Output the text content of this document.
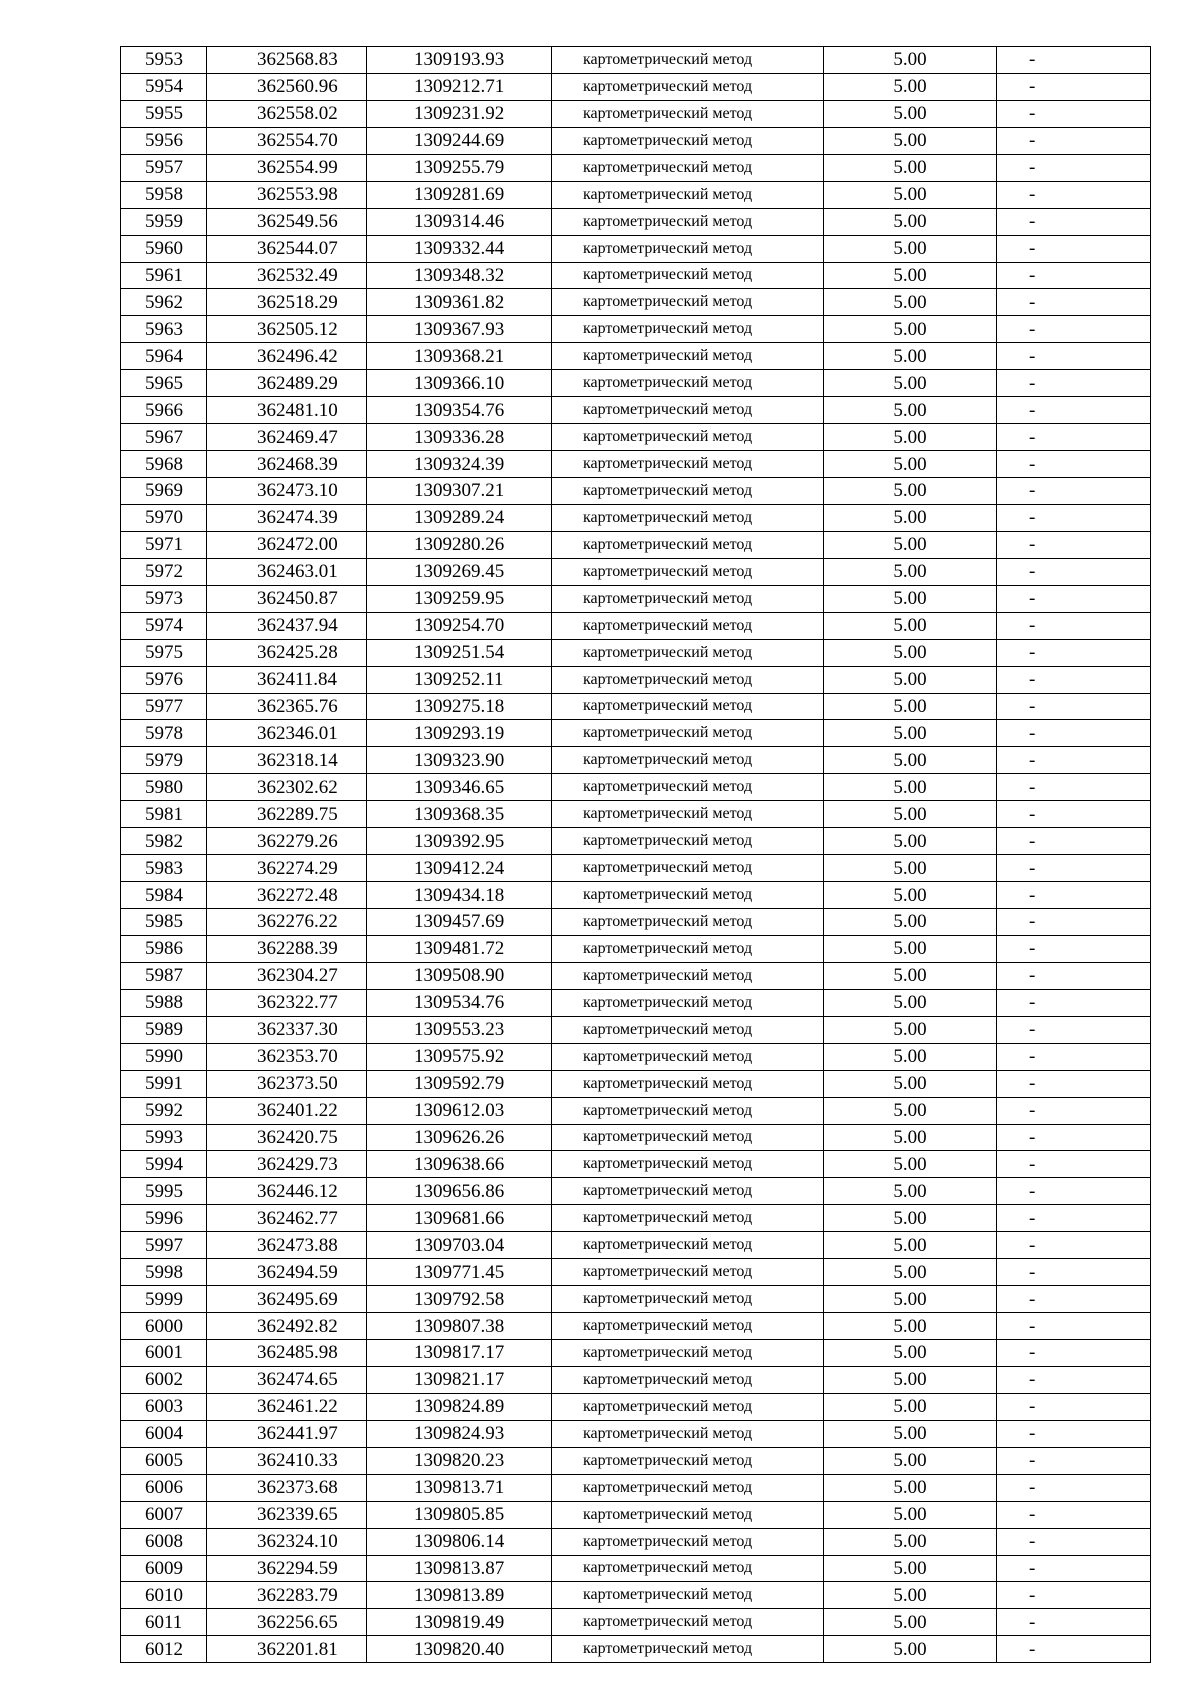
5953	362568.83	1309193.93	картометрический метод	5.00	-
5954	362560.96	1309212.71	картометрический метод	5.00	-
5955	362558.02	1309231.92	картометрический метод	5.00	-
5956	362554.70	1309244.69	картометрический метод	5.00	-
5957	362554.99	1309255.79	картометрический метод	5.00	-
5958	362553.98	1309281.69	картометрический метод	5.00	-
5959	362549.56	1309314.46	картометрический метод	5.00	-
5960	362544.07	1309332.44	картометрический метод	5.00	-
5961	362532.49	1309348.32	картометрический метод	5.00	-
5962	362518.29	1309361.82	картометрический метод	5.00	-
5963	362505.12	1309367.93	картометрический метод	5.00	-
5964	362496.42	1309368.21	картометрический метод	5.00	-
5965	362489.29	1309366.10	картометрический метод	5.00	-
5966	362481.10	1309354.76	картометрический метод	5.00	-
5967	362469.47	1309336.28	картометрический метод	5.00	-
5968	362468.39	1309324.39	картометрический метод	5.00	-
5969	362473.10	1309307.21	картометрический метод	5.00	-
5970	362474.39	1309289.24	картометрический метод	5.00	-
5971	362472.00	1309280.26	картометрический метод	5.00	-
5972	362463.01	1309269.45	картометрический метод	5.00	-
5973	362450.87	1309259.95	картометрический метод	5.00	-
5974	362437.94	1309254.70	картометрический метод	5.00	-
5975	362425.28	1309251.54	картометрический метод	5.00	-
5976	362411.84	1309252.11	картометрический метод	5.00	-
5977	362365.76	1309275.18	картометрический метод	5.00	-
5978	362346.01	1309293.19	картометрический метод	5.00	-
5979	362318.14	1309323.90	картометрический метод	5.00	-
5980	362302.62	1309346.65	картометрический метод	5.00	-
5981	362289.75	1309368.35	картометрический метод	5.00	-
5982	362279.26	1309392.95	картометрический метод	5.00	-
5983	362274.29	1309412.24	картометрический метод	5.00	-
5984	362272.48	1309434.18	картометрический метод	5.00	-
5985	362276.22	1309457.69	картометрический метод	5.00	-
5986	362288.39	1309481.72	картометрический метод	5.00	-
5987	362304.27	1309508.90	картометрический метод	5.00	-
5988	362322.77	1309534.76	картометрический метод	5.00	-
5989	362337.30	1309553.23	картометрический метод	5.00	-
5990	362353.70	1309575.92	картометрический метод	5.00	-
5991	362373.50	1309592.79	картометрический метод	5.00	-
5992	362401.22	1309612.03	картометрический метод	5.00	-
5993	362420.75	1309626.26	картометрический метод	5.00	-
5994	362429.73	1309638.66	картометрический метод	5.00	-
5995	362446.12	1309656.86	картометрический метод	5.00	-
5996	362462.77	1309681.66	картометрический метод	5.00	-
5997	362473.88	1309703.04	картометрический метод	5.00	-
5998	362494.59	1309771.45	картометрический метод	5.00	-
5999	362495.69	1309792.58	картометрический метод	5.00	-
6000	362492.82	1309807.38	картометрический метод	5.00	-
6001	362485.98	1309817.17	картометрический метод	5.00	-
6002	362474.65	1309821.17	картометрический метод	5.00	-
6003	362461.22	1309824.89	картометрический метод	5.00	-
6004	362441.97	1309824.93	картометрический метод	5.00	-
6005	362410.33	1309820.23	картометрический метод	5.00	-
6006	362373.68	1309813.71	картометрический метод	5.00	-
6007	362339.65	1309805.85	картометрический метод	5.00	-
6008	362324.10	1309806.14	картометрический метод	5.00	-
6009	362294.59	1309813.87	картометрический метод	5.00	-
6010	362283.79	1309813.89	картометрический метод	5.00	-
6011	362256.65	1309819.49	картометрический метод	5.00	-
6012	362201.81	1309820.40	картометрический метод	5.00	-
